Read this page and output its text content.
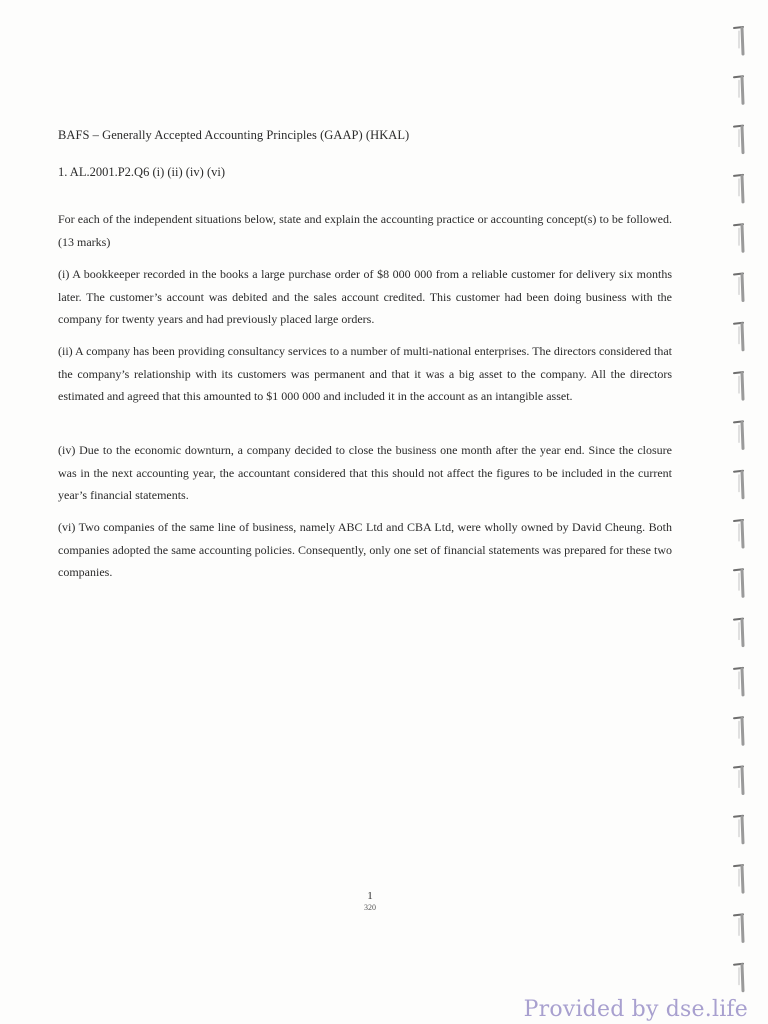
BAFS – Generally Accepted Accounting Principles (GAAP) (HKAL)
1. AL.2001.P2.Q6 (i) (ii) (iv) (vi)

For each of the independent situations below, state and explain the accounting practice or accounting concept(s) to be followed. (13 marks)

(i) A bookkeeper recorded in the books a large purchase order of $8 000 000 from a reliable customer for delivery six months later. The customer’s account was debited and the sales account credited. This customer had been doing business with the company for twenty years and had previously placed large orders.

(ii) A company has been providing consultancy services to a number of multi-national enterprises. The directors considered that the company’s relationship with its customers was permanent and that it was a big asset to the company. All the directors estimated and agreed that this amounted to $1 000 000 and included it in the account as an intangible asset.

(iv) Due to the economic downturn, a company decided to close the business one month after the year end. Since the closure was in the next accounting year, the accountant considered that this should not affect the figures to be included in the current year’s financial statements.

(vi) Two companies of the same line of business, namely ABC Ltd and CBA Ltd, were wholly owned by David Cheung. Both companies adopted the same accounting policies. Consequently, only one set of financial statements was prepared for these two companies.

1
320
Provided by dse.life
